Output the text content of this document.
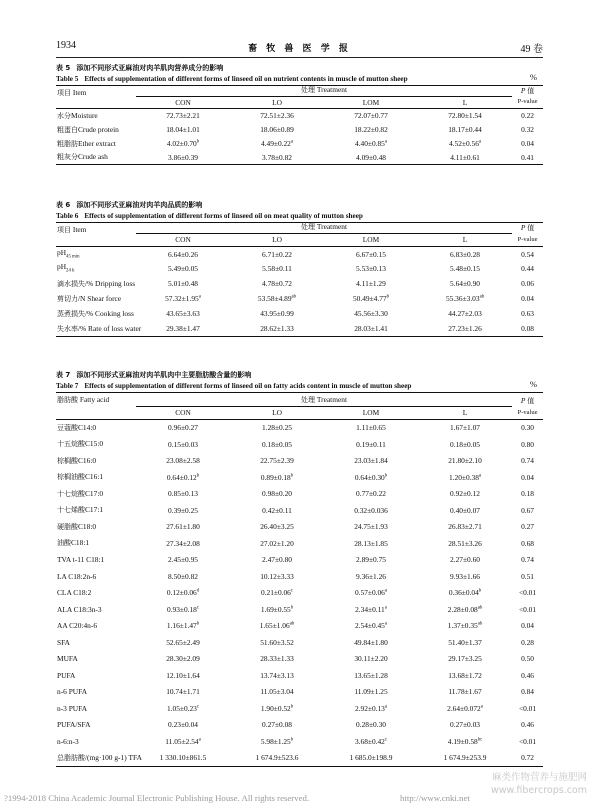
1934	畜 牧 兽 医 学 报	49 卷
表 5 添加不同形式亚麻油对肉羊肌肉营养成分的影响
Table 5 Effects of supplementation of different forms of linseed oil on nutrient contents in muscle of mutton sheep	%
项目 Item	处理 Treatment				P 值
	CON	LO	LOM	L	P-value
水分Moisture	72.73±2.21	72.51±2.36	72.07±0.77	72.80±1.54	0.22
粗蛋白Crude protein	18.04±1.01	18.06±0.89	18.22±0.82	18.17±0.44	0.32
粗脂肪Ether extract	4.02±0.70$^b$	4.49±0.22$^a$	4.40±0.85$^a$	4.52±0.56$^a$	0.04
粗灰分Crude ash	3.86±0.39	3.78±0.82	4.09±0.48	4.11±0.61	0.41
表 6 添加不同形式亚麻油对肉羊肉品质的影响
Table 6 Effects of supplementation of different forms of linseed oil on meat quality of mutton sheep
项目 Item	处理 Treatment				P 值
	CON	LO	LOM	L	P-value
$pH_{45 min}$	6.64±0.26	6.71±0.22	6.67±0.15	6.83±0.28	0.54
$pH_{24 h}$	5.49±0.05	5.58±0.11	5.53±0.13	5.48±0.15	0.44
滴水损失/% Dripping loss	5.01±0.48	4.78±0.72	4.11±1.29	5.64±0.90	0.06
剪切力/N Shear force	57.32±1.95$^a$	53.58±4.89$^{ab}$	50.49±4.77$^b$	55.36±3.03$^{ab}$	0.04
蒸煮损失/% Cooking loss	43.65±3.63	43.95±0.99	45.56±3.30	44.27±2.03	0.63
失水率/% Rate of loss water	29.38±1.47	28.62±1.33	28.03±1.41	27.23±1.26	0.08
表 7 添加不同形式亚麻油对肉羊肌肉中主要脂肪酸含量的影响
Table 7 Effects of supplementation of different forms of linseed oil on fatty acids content in muscle of mutton sheep	%
脂肪酸 Fatty acid	处理 Treatment				P 值
	CON	LO	LOM	L	P-value
豆蔻酸C14:0	0.96±0.27	1.28±0.25	1.11±0.65	1.67±1.07	0.30
十五烷酸C15:0	0.15±0.03	0.18±0.05	0.19±0.11	0.18±0.05	0.80
棕榈酸C16:0	23.08±2.58	22.75±2.39	23.03±1.84	21.80±2.10	0.74
棕榈油酸C16:1	0.64±0.12$^b$	0.89±0.18$^b$	0.64±0.30$^b$	1.20±0.38$^a$	0.04
十七烷酸C17:0	0.85±0.13	0.98±0.20	0.77±0.22	0.92±0.12	0.18
十七烯酸C17:1	0.39±0.25	0.42±0.11	0.32±0.036	0.40±0.07	0.67
硬脂酸C18:0	27.61±1.80	26.40±3.25	24.75±1.93	26.83±2.71	0.27
油酸C18:1	27.34±2.08	27.02±1.20	28.13±1.85	28.51±3.26	0.68
TVA t-11 C18:1	2.45±0.95	2.47±0.80	2.89±0.75	2.27±0.60	0.74
LA C18:2n-6	8.50±0.82	10.12±3.33	9.36±1.26	9.93±1.66	0.51
CLA C18:2	0.12±0.06$^d$	0.21±0.06$^c$	0.57±0.06$^a$	0.36±0.04$^b$	<0.01
ALA C18:3n-3	0.93±0.18$^c$	1.69±0.55$^b$	2.34±0.11$^a$	2.28±0.08$^{ab}$	<0.01
AA C20:4n-6	1.16±1.47$^b$	1.65±1.06$^{ab}$	2.54±0.45$^a$	1.37±0.35$^{ab}$	0.04
SFA	52.65±2.49	51.60±3.52	49.84±1.80	51.40±1.37	0.28
MUFA	28.30±2.09	28.33±1.33	30.11±2.20	29.17±3.25	0.50
PUFA	12.10±1.64	13.74±3.13	13.65±1.28	13.68±1.72	0.46
n-6 PUFA	10.74±1.71	11.05±3.04	11.09±1.25	11.78±1.67	0.84
n-3 PUFA	1.05±0.23$^c$	1.90±0.52$^b$	2.92±0.13$^a$	2.64±0.072$^a$	<0.01
PUFA/SFA	0.23±0.04	0.27±0.08	0.28±0.30	0.27±0.03	0.46
n-6:n-3	11.05±2.54$^a$	5.98±1.25$^b$	3.68±0.42$^c$	4.19±0.58$^{bc}$	<0.01
总脂肪酸/(mg·100 g-1) TFA	1 330.10±861.5	1 674.9±523.6	1 685.0±198.9	1 674.9±253.9	0.72
?1994-2018 China Academic Journal Electronic Publishing House. All rights reserved.	http://www.cnki.net
麻类作物营养与施肥网
www.fibercrops.com
